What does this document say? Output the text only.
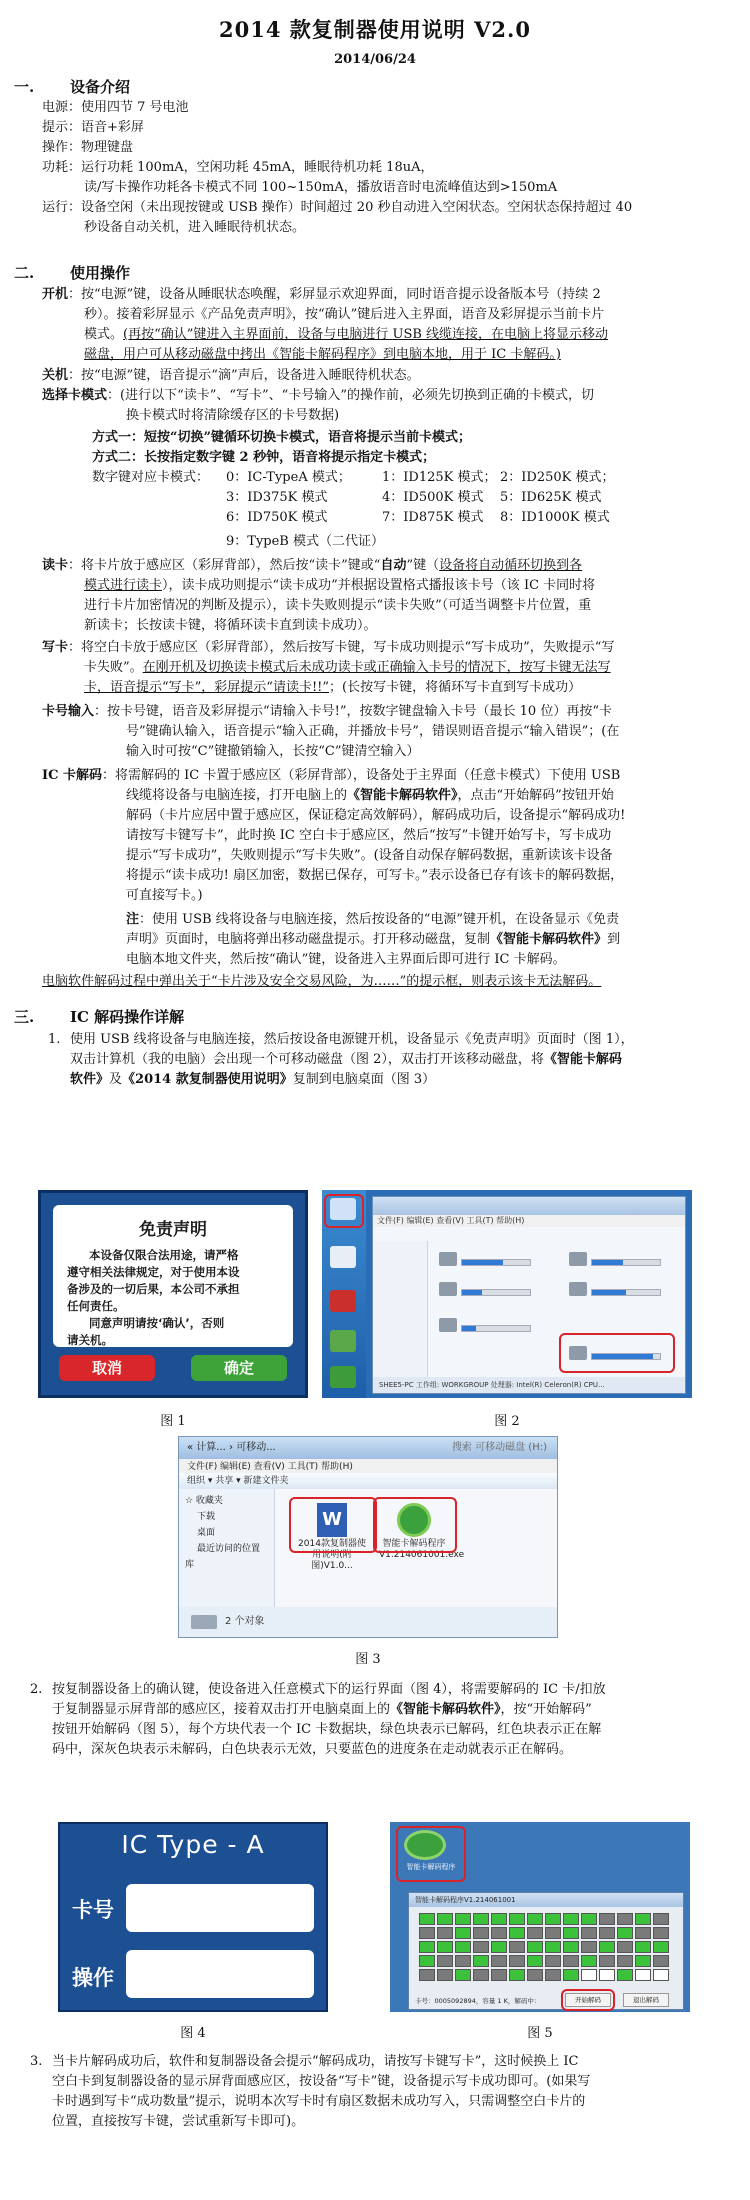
2014 款复制器使用说明 V2.0
2014/06/24
一. 设备介绍
电源：使用四节 7 号电池
提示：语音+彩屏
操作：物理键盘
功耗：运行功耗 100mA，空闲功耗 45mA，睡眠待机功耗 18uA，
读/写卡操作功耗各卡模式不同 100~150mA，播放语音时电流峰值达到>150mA
运行：设备空闲（未出现按键或 USB 操作）时间超过 20 秒自动进入空闲状态。空闲状态保持超过 40
秒设备自动关机，进入睡眠待机状态。
二. 使用操作
开机：按“电源”键，设备从睡眠状态唤醒，彩屏显示欢迎界面，同时语音提示设备版本号（持续 2
秒）。接着彩屏显示《产品免责声明》，按“确认”键后进入主界面，语音及彩屏提示当前卡片
模式。(再按“确认”键进入主界面前，设备与电脑进行 USB 线缆连接，在电脑上将显示移动
磁盘，用户可从移动磁盘中拷出《智能卡解码程序》到电脑本地，用于 IC 卡解码。)
关机：按“电源”键，语音提示“滴”声后，设备进入睡眠待机状态。
选择卡模式：(进行以下“读卡”、“写卡”、“卡号输入”的操作前，必须先切换到正确的卡模式，切
换卡模式时将清除缓存区的卡号数据)
方式一：短按“切换”键循环切换卡模式，语音将提示当前卡模式；
方式二：长按指定数字键 2 秒钟，语音将提示指定卡模式；
数字键对应卡模式： 0：IC-TypeA 模式； 1：ID125K 模式； 2：ID250K 模式；
3：ID375K 模式	4：ID500K 模式 5：ID625K 模式
6：ID750K 模式	7：ID875K 模式 8：ID1000K 模式
9：TypeB 模式（二代证）
读卡：将卡片放于感应区（彩屏背部），然后按“读卡”键或“自动”键（设备将自动循环切换到各
模式进行读卡），读卡成功则提示“读卡成功”并根据设置格式播报该卡号（该 IC 卡同时将
进行卡片加密情况的判断及提示），读卡失败则提示“读卡失败”（可适当调整卡片位置，重
新读卡；长按读卡键，将循环读卡直到读卡成功）。
写卡：将空白卡放于感应区（彩屏背部），然后按写卡键，写卡成功则提示“写卡成功”，失败提示“写
卡失败”。在刚开机及切换读卡模式后未成功读卡或正确输入卡号的情况下，按写卡键无法写
卡，语音提示“写卡”，彩屏提示“请读卡!!”；(长按写卡键，将循环写卡直到写卡成功）
卡号输入：按卡号键，语音及彩屏提示“请输入卡号!”，按数字键盘输入卡号（最长 10 位）再按“卡
号”键确认输入，语音提示“输入正确，并播放卡号”，错误则语音提示“输入错误”；(在
输入时可按“C”键撤销输入，长按“C”键清空输入）
IC 卡解码：将需解码的 IC 卡置于感应区（彩屏背部），设备处于主界面（任意卡模式）下使用 USB
线缆将设备与电脑连接，打开电脑上的《智能卡解码软件》，点击“开始解码”按钮开始
解码（卡片应居中置于感应区，保证稳定高效解码），解码成功后，设备提示“解码成功!
请按写卡键写卡”，此时换 IC 空白卡于感应区，然后“按写”卡键开始写卡，写卡成功
提示“写卡成功”，失败则提示“写卡失败”。(设备自动保存解码数据，重新读该卡设备
将提示“读卡成功! 扇区加密，数据已保存，可写卡。”表示设备已存有该卡的解码数据，
可直接写卡。)
注：使用 USB 线将设备与电脑连接，然后按设备的“电源”键开机，在设备显示《免责
声明》页面时，电脑将弹出移动磁盘提示。打开移动磁盘，复制《智能卡解码软件》到
电脑本地文件夹，然后按“确认”键，设备进入主界面后即可进行 IC 卡解码。
电脑软件解码过程中弹出关于“卡片涉及安全交易风险，为……”的提示框，则表示该卡无法解码。
三. IC 解码操作详解
1. 使用 USB 线将设备与电脑连接，然后按设备电源键开机，设备显示《免责声明》页面时（图 1），
双击计算机（我的电脑）会出现一个可移动磁盘（图 2），双击打开该移动磁盘，将《智能卡解码
软件》及《2014 款复制器使用说明》复制到电脑桌面（图 3）
免责声明
本设备仅限合法用途，请严格
遵守相关法律规定，对于使用本设
备涉及的一切后果，本公司不承担
任何责任。
同意声明请按‘确认’，否则
请关机。
取消	确定
图 1
文件(F) 编辑(E) 查看(V) 工具(T) 帮助(H)
SHEE5-PC 工作组: WORKGROUP 处理器: Intel(R) Celeron(R) CPU...
图 2
« 计算... › 可移动...	搜索 可移动磁盘 (H:)
文件(F) 编辑(E) 查看(V) 工具(T) 帮助(H)
组织 ▾ 共享 ▾ 新建文件夹
☆ 收藏夹
下载
桌面
最近访问的位置
库
W
2014款复制器使用说明(附图)V1.0...
智能卡解码程序V1.214061001.exe
2 个对象
图 3
2. 按复制器设备上的确认键，使设备进入任意模式下的运行界面（图 4），将需要解码的 IC 卡/扣放
于复制器显示屏背部的感应区，接着双击打开电脑桌面上的《智能卡解码软件》，按“开始解码”
按钮开始解码（图 5），每个方块代表一个 IC 卡数据块，绿色块表示已解码，红色块表示正在解
码中，深灰色块表示未解码，白色块表示无效，只要蓝色的进度条在走动就表示正在解码。
IC Type - A
卡号
操作
图 4
智能卡解码程序
智能卡解码程序V1.214061001
卡号：0005092894，容量 1 K，解码中：	开始解码	退出解码
图 5
3. 当卡片解码成功后，软件和复制器设备会提示“解码成功，请按写卡键写卡”，这时候换上 IC
空白卡到复制器设备的显示屏背面感应区，按设备“写卡”键，设备提示写卡成功即可。(如果写
卡时遇到写卡“成功数量”提示，说明本次写卡时有扇区数据未成功写入，只需调整空白卡片的
位置，直接按写卡键，尝试重新写卡即可)。
